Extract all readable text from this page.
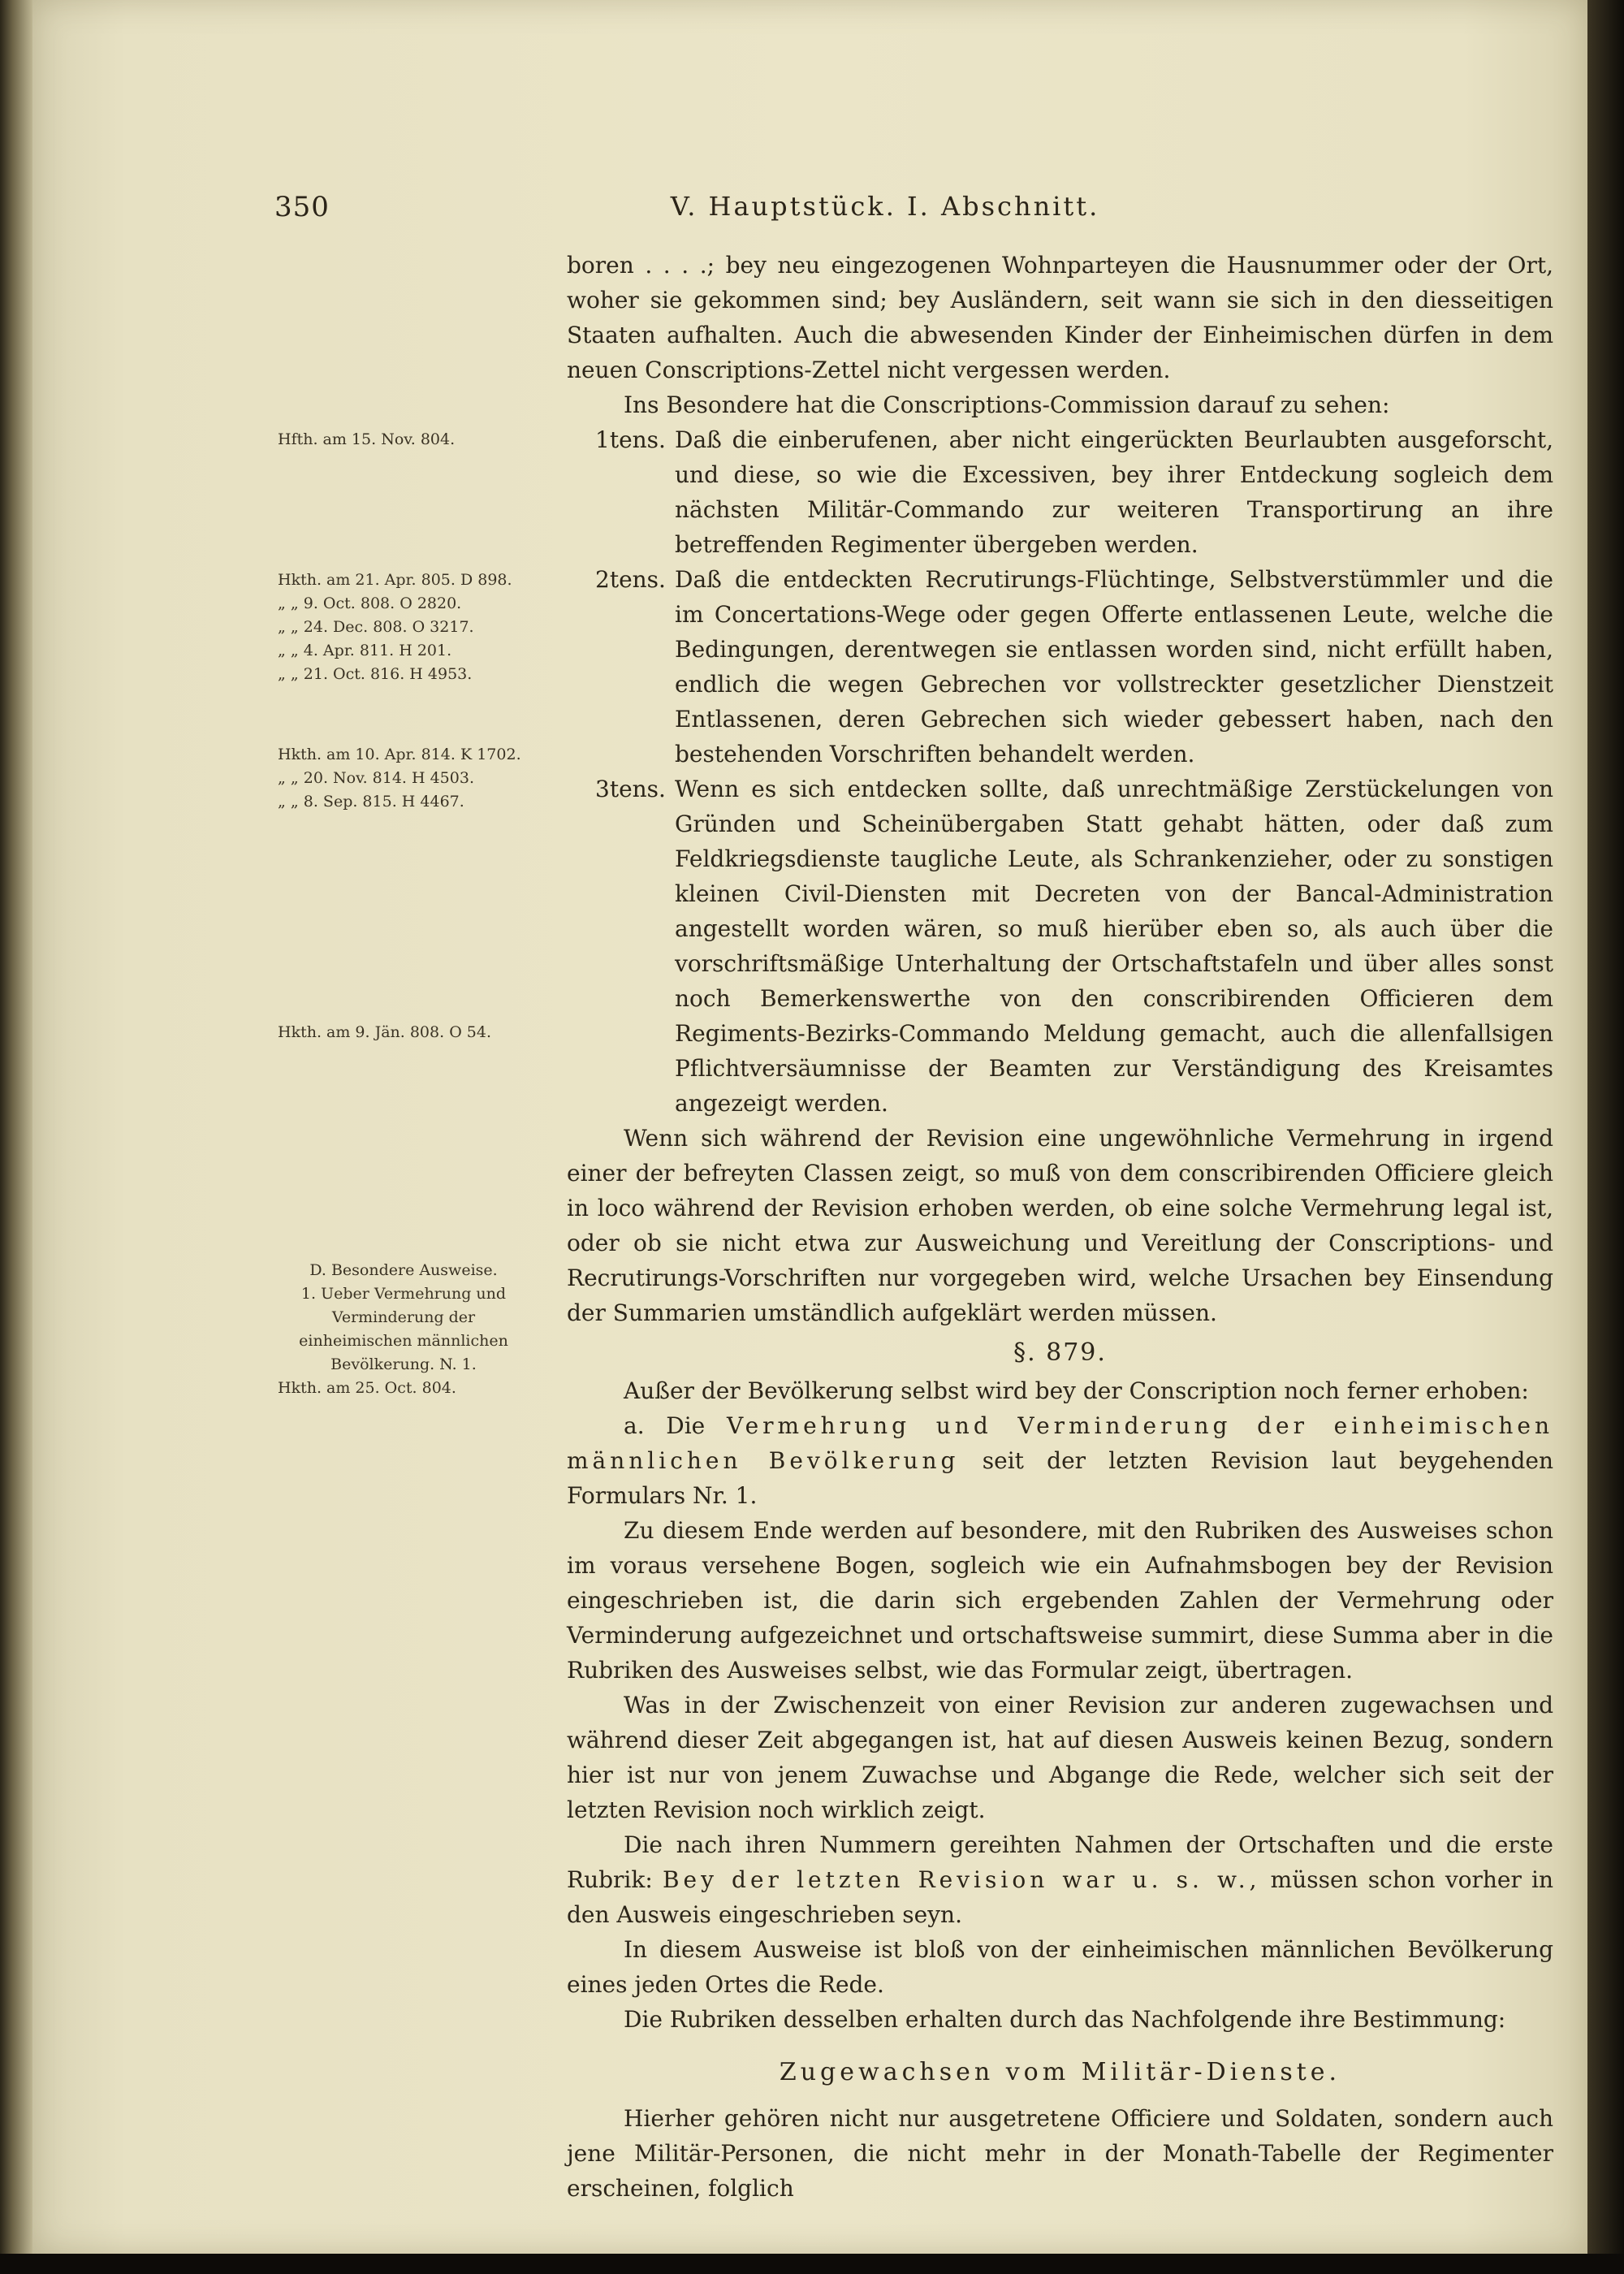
350	V. Hauptstück. I. Abschnitt.
Hfth. am 15. Nov. 804.
Hkth. am 21. Apr. 805. D 898.
„ „ 9. Oct. 808. O 2820.
„ „ 24. Dec. 808. O 3217.
„ „ 4. Apr. 811. H 201.
„ „ 21. Oct. 816. H 4953.
Hkth. am 10. Apr. 814. K 1702.
„ „ 20. Nov. 814. H 4503.
„ „ 8. Sep. 815. H 4467.
Hkth. am 9. Jän. 808. O 54.
D. Besondere Ausweise.
1. Ueber Vermehrung und Verminderung der einheimischen männlichen Bevölkerung. N. 1.
Hkth. am 25. Oct. 804.

boren . . . .; bey neu eingezogenen Wohnparteyen die Hausnummer oder der Ort, woher sie gekommen sind; bey Ausländern, seit wann sie sich in den diesseitigen Staaten aufhalten. Auch die abwesenden Kinder der Einheimischen dürfen in dem neuen Conscriptions-Zettel nicht vergessen werden.

Ins Besondere hat die Conscriptions-Commission darauf zu sehen:

1tens. Daß die einberufenen, aber nicht eingerückten Beurlaubten ausgeforscht, und diese, so wie die Excessiven, bey ihrer Entdeckung sogleich dem nächsten Militär-Commando zur weiteren Transportirung an ihre betreffenden Regimenter übergeben werden.
2tens. Daß die entdeckten Recrutirungs-Flüchtinge, Selbstverstümmler und die im Concertations-Wege oder gegen Offerte entlassenen Leute, welche die Bedingungen, derentwegen sie entlassen worden sind, nicht erfüllt haben, endlich die wegen Gebrechen vor vollstreckter gesetzlicher Dienstzeit Entlassenen, deren Gebrechen sich wieder gebessert haben, nach den bestehenden Vorschriften behandelt werden.
3tens. Wenn es sich entdecken sollte, daß unrechtmäßige Zerstückelungen von Gründen und Scheinübergaben Statt gehabt hätten, oder daß zum Feldkriegsdienste taugliche Leute, als Schrankenzieher, oder zu sonstigen kleinen Civil-Diensten mit Decreten von der Bancal-Administration angestellt worden wären, so muß hierüber eben so, als auch über die vorschriftsmäßige Unterhaltung der Ortschaftstafeln und über alles sonst noch Bemerkenswerthe von den conscribirenden Officieren dem Regiments-Bezirks-Commando Meldung gemacht, auch die allenfallsigen Pflichtversäumnisse der Beamten zur Verständigung des Kreisamtes angezeigt werden.

Wenn sich während der Revision eine ungewöhnliche Vermehrung in irgend einer der befreyten Classen zeigt, so muß von dem conscribirenden Officiere gleich in loco während der Revision erhoben werden, ob eine solche Vermehrung legal ist, oder ob sie nicht etwa zur Ausweichung und Vereitlung der Conscriptions- und Recrutirungs-Vorschriften nur vorgegeben wird, welche Ursachen bey Einsendung der Summarien umständlich aufgeklärt werden müssen.

§. 879.

Außer der Bevölkerung selbst wird bey der Conscription noch ferner erhoben:

a. Die Vermehrung und Verminderung der einheimischen männlichen Bevölkerung seit der letzten Revision laut beygehenden Formulars Nr. 1.

Zu diesem Ende werden auf besondere, mit den Rubriken des Ausweises schon im voraus versehene Bogen, sogleich wie ein Aufnahmsbogen bey der Revision eingeschrieben ist, die darin sich ergebenden Zahlen der Vermehrung oder Verminderung aufgezeichnet und ortschaftsweise summirt, diese Summa aber in die Rubriken des Ausweises selbst, wie das Formular zeigt, übertragen.

Was in der Zwischenzeit von einer Revision zur anderen zugewachsen und während dieser Zeit abgegangen ist, hat auf diesen Ausweis keinen Bezug, sondern hier ist nur von jenem Zuwachse und Abgange die Rede, welcher sich seit der letzten Revision noch wirklich zeigt.

Die nach ihren Nummern gereihten Nahmen der Ortschaften und die erste Rubrik: Bey der letzten Revision war u. s. w., müssen schon vorher in den Ausweis eingeschrieben seyn.

In diesem Ausweise ist bloß von der einheimischen männlichen Bevölkerung eines jeden Ortes die Rede.

Die Rubriken desselben erhalten durch das Nachfolgende ihre Bestimmung:

Zugewachsen vom Militär-Dienste.

Hierher gehören nicht nur ausgetretene Officiere und Soldaten, sondern auch jene Militär-Personen, die nicht mehr in der Monath-Tabelle der Regimenter erscheinen, folglich
